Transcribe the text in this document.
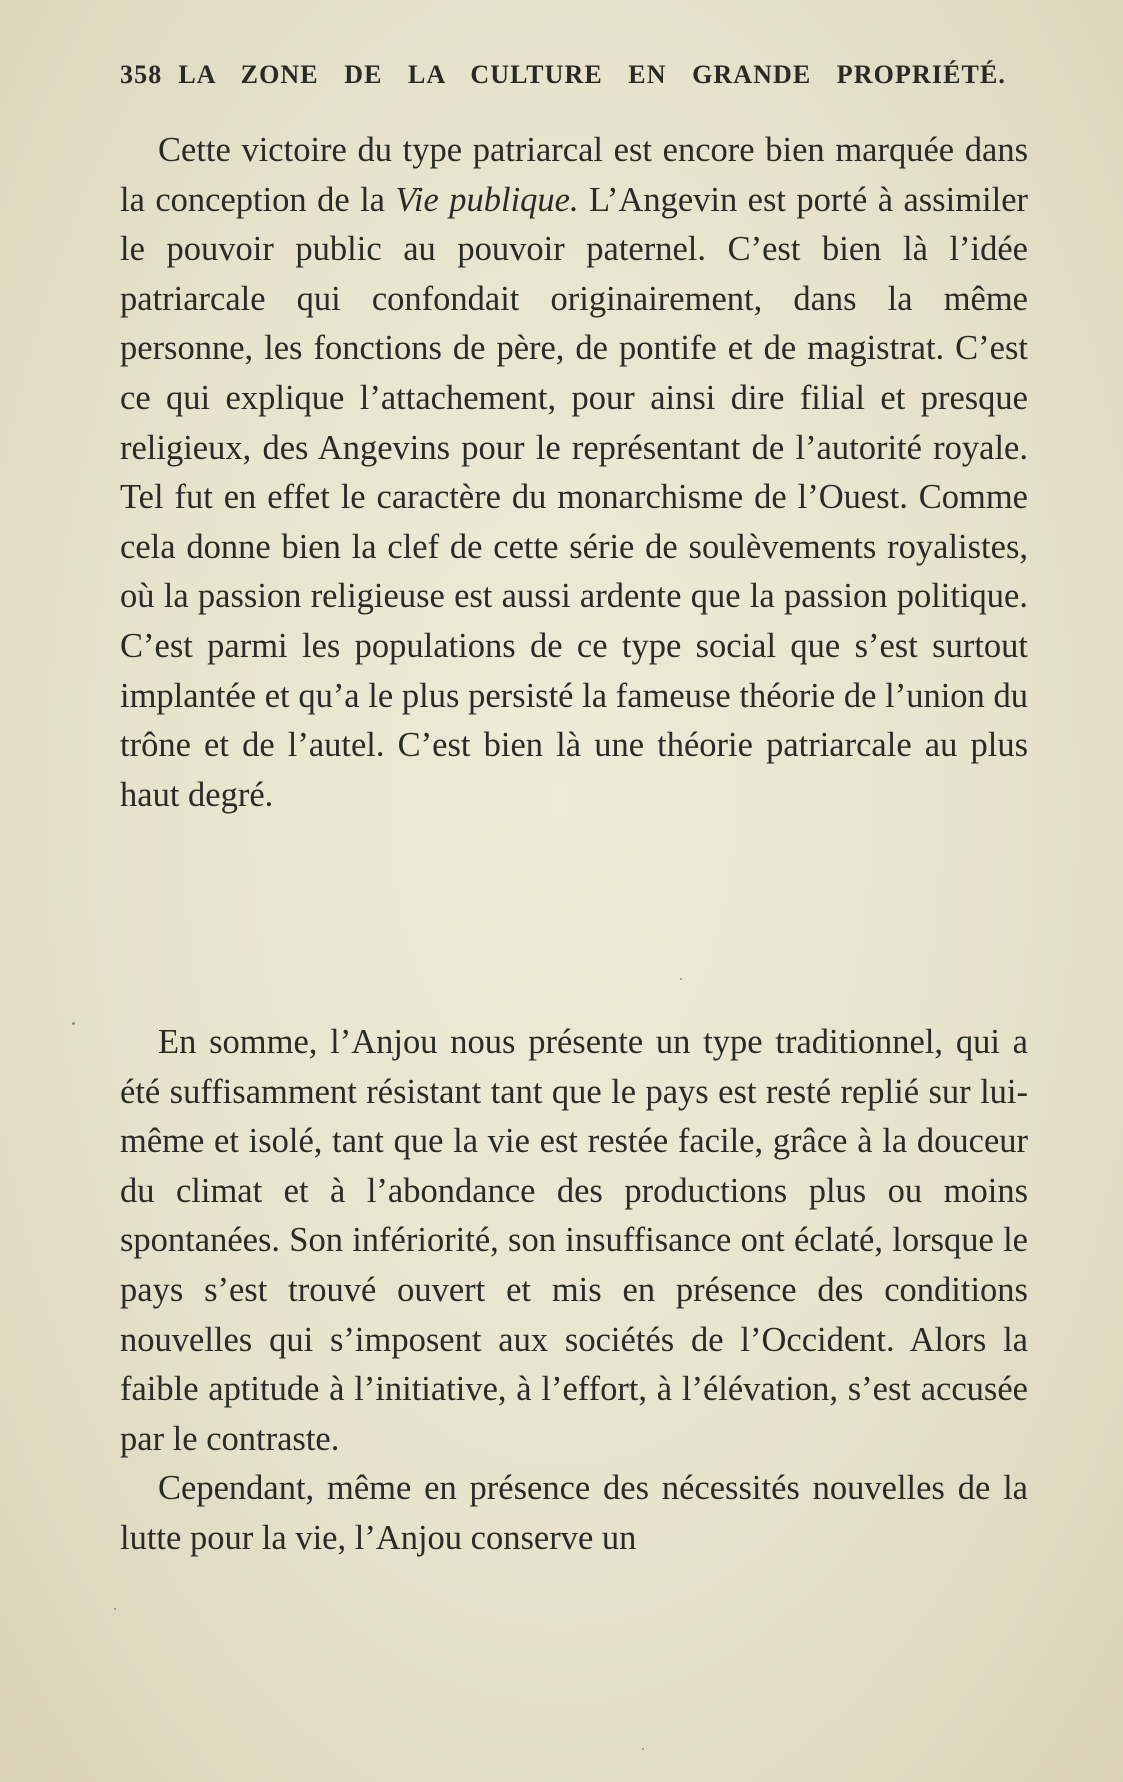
358 LA ZONE DE LA CULTURE EN GRANDE PROPRIÉTÉ.

Cette victoire du type patriarcal est encore bien marquée dans la conception de la Vie publique. L’Angevin est porté à assimiler le pouvoir public au pouvoir paternel. C’est bien là l’idée patriarcale qui confondait originairement, dans la même personne, les fonctions de père, de pontife et de magistrat. C’est ce qui explique l’attachement, pour ainsi dire filial et presque religieux, des Angevins pour le représentant de l’autorité royale. Tel fut en effet le caractère du monarchisme de l’Ouest. Comme cela donne bien la clef de cette série de soulèvements royalistes, où la passion religieuse est aussi ardente que la passion politique. C’est parmi les populations de ce type social que s’est surtout implantée et qu’a le plus persisté la fameuse théorie de l’union du trône et de l’autel. C’est bien là une théorie patriarcale au plus haut degré.

En somme, l’Anjou nous présente un type traditionnel, qui a été suffisamment résistant tant que le pays est resté replié sur lui-même et isolé, tant que la vie est restée facile, grâce à la douceur du climat et à l’abondance des productions plus ou moins spontanées. Son infériorité, son insuffisance ont éclaté, lorsque le pays s’est trouvé ouvert et mis en présence des conditions nouvelles qui s’imposent aux sociétés de l’Occident. Alors la faible aptitude à l’initiative, à l’effort, à l’élévation, s’est accusée par le contraste.

Cependant, même en présence des nécessités nouvelles de la lutte pour la vie, l’Anjou conserve un
